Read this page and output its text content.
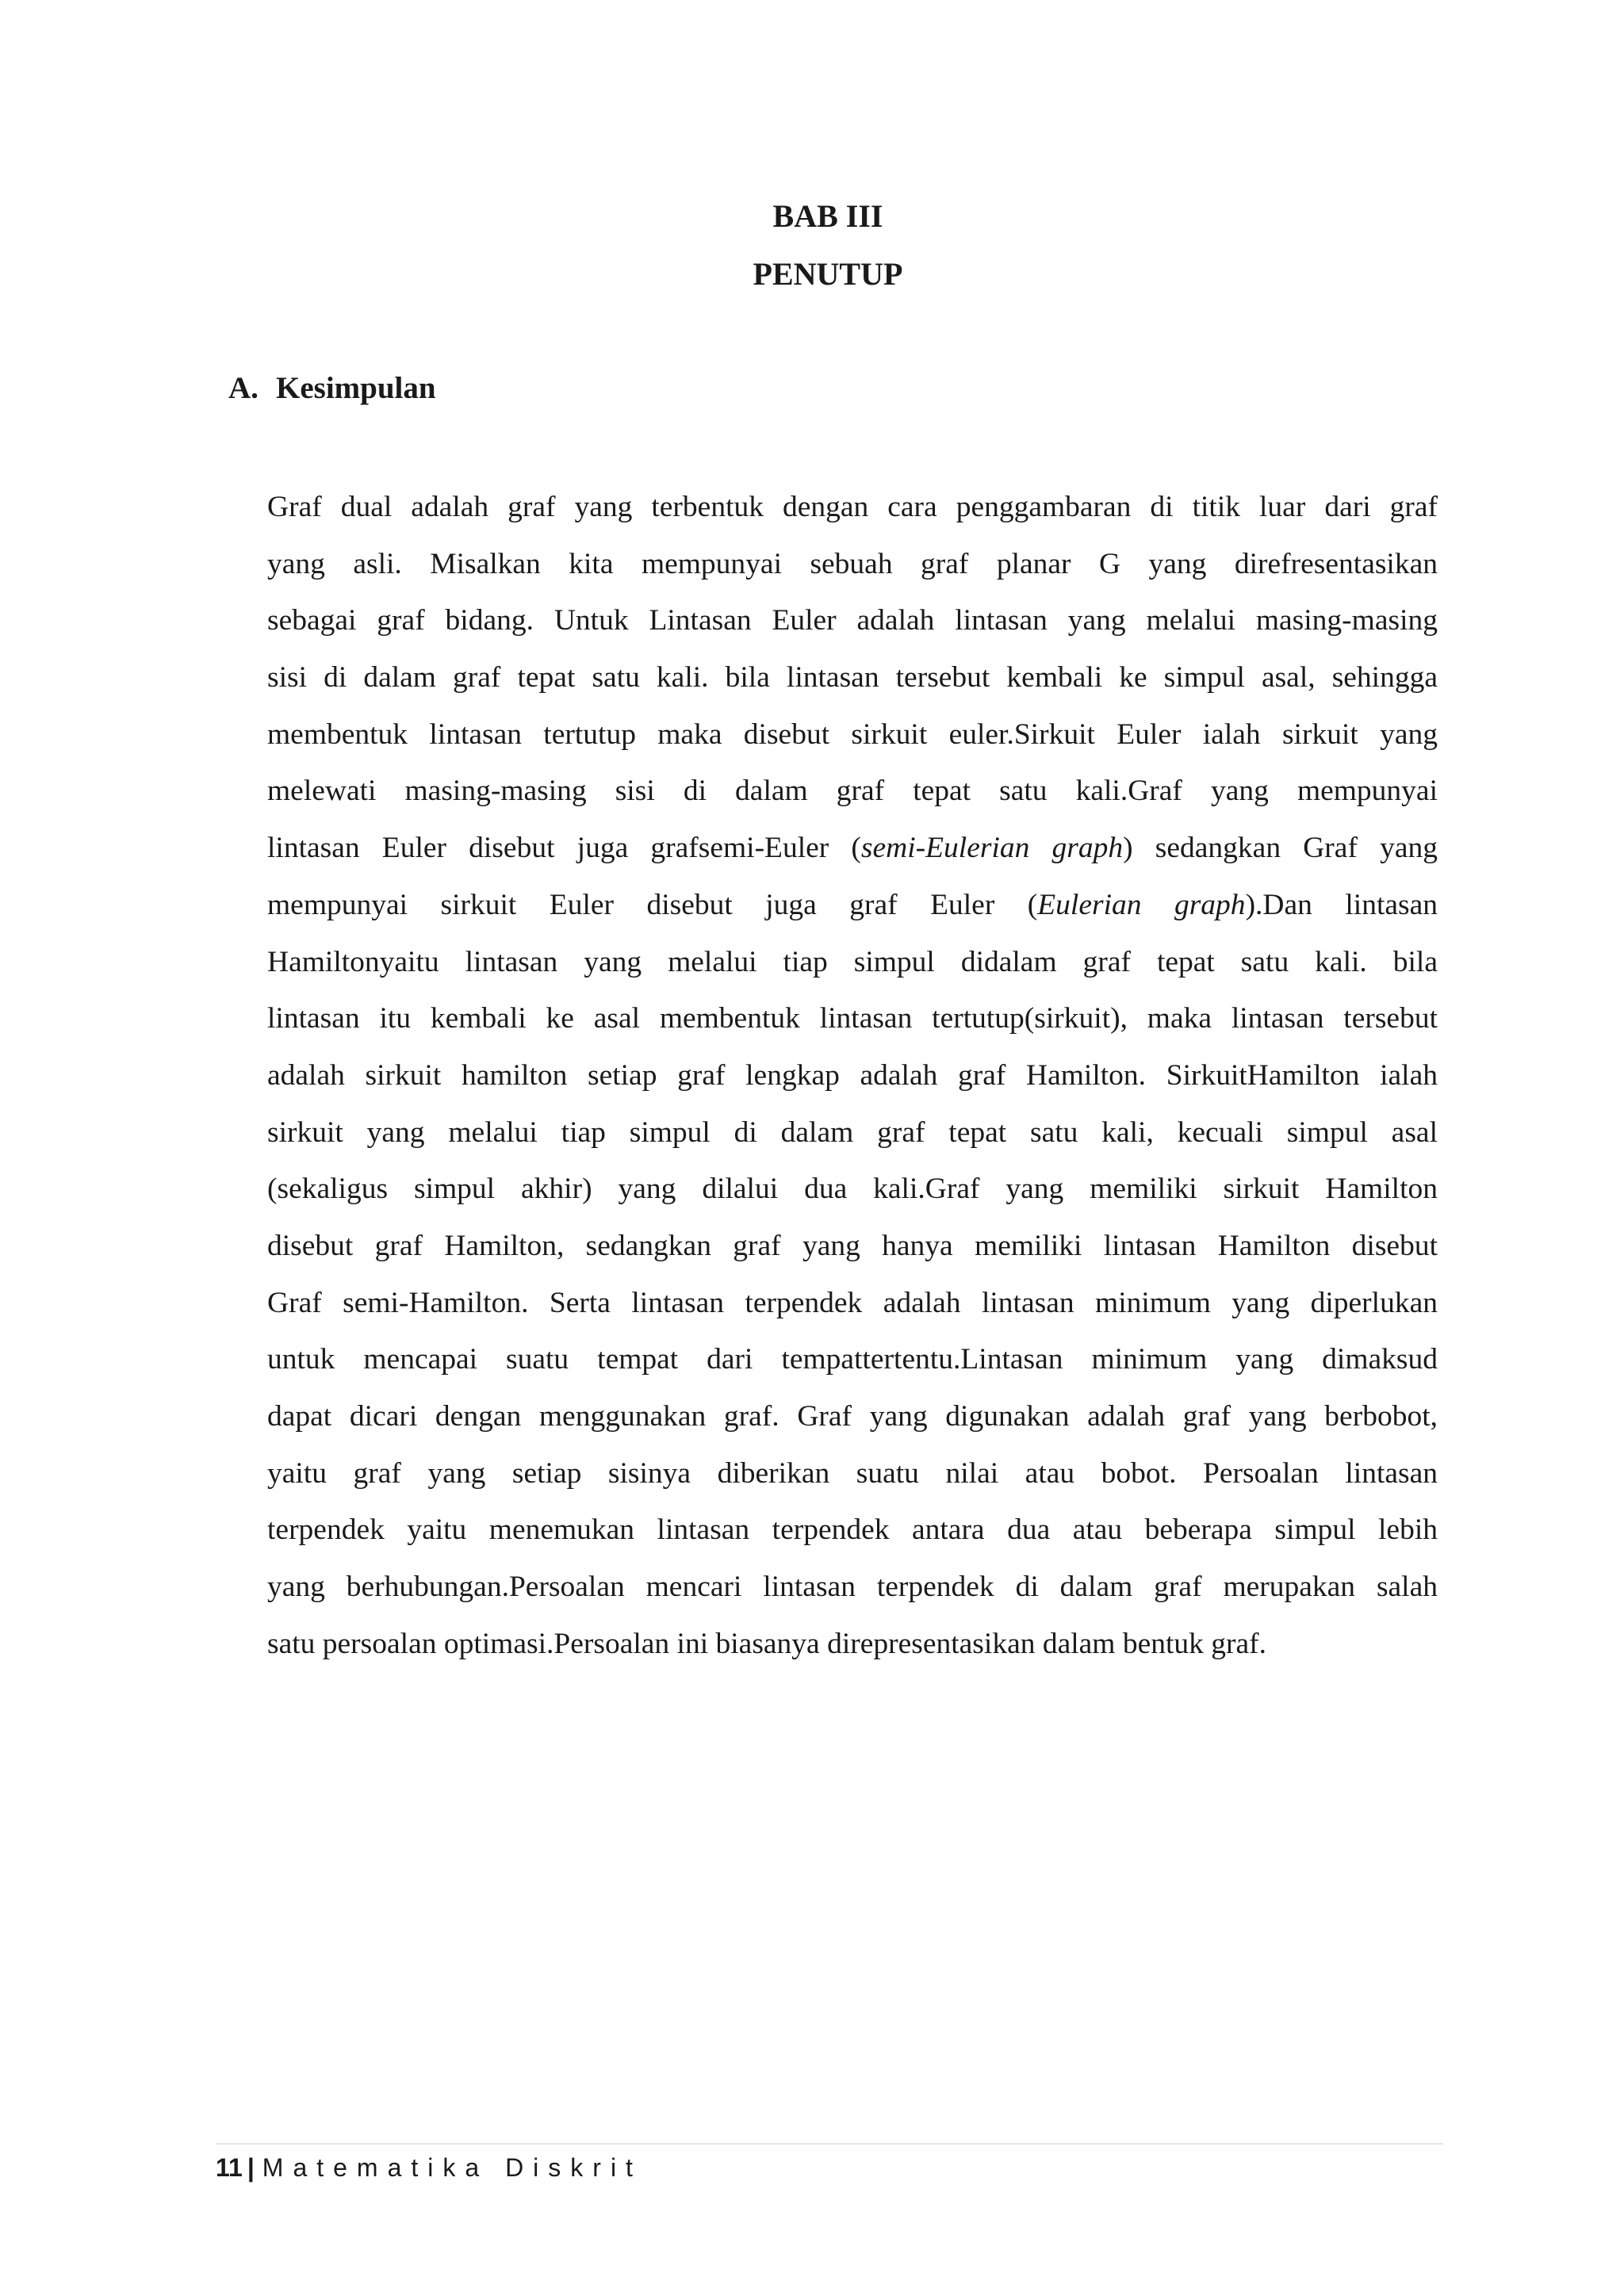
BAB III
PENUTUP
A. Kesimpulan

Graf dual adalah graf yang terbentuk dengan cara penggambaran di titik luar dari graf
yang asli. Misalkan kita mempunyai sebuah graf planar G yang direfresentasikan
sebagai graf bidang. Untuk Lintasan Euler adalah lintasan yang melalui masing-masing
sisi di dalam graf tepat satu kali. bila lintasan tersebut kembali ke simpul asal, sehingga
membentuk lintasan tertutup maka disebut sirkuit euler.Sirkuit Euler ialah sirkuit yang
melewati masing-masing sisi di dalam graf tepat satu kali.Graf yang mempunyai
lintasan Euler disebut juga grafsemi-Euler (semi-Eulerian graph) sedangkan Graf yang
mempunyai sirkuit Euler disebut juga graf Euler (Eulerian graph).Dan lintasan
Hamiltonyaitu lintasan yang melalui tiap simpul didalam graf tepat satu kali. bila
lintasan itu kembali ke asal membentuk lintasan tertutup(sirkuit), maka lintasan tersebut
adalah sirkuit hamilton setiap graf lengkap adalah graf Hamilton. SirkuitHamilton ialah
sirkuit yang melalui tiap simpul di dalam graf tepat satu kali, kecuali simpul asal
(sekaligus simpul akhir) yang dilalui dua kali.Graf yang memiliki sirkuit Hamilton
disebut graf Hamilton, sedangkan graf yang hanya memiliki lintasan Hamilton disebut
Graf semi-Hamilton. Serta lintasan terpendek adalah lintasan minimum yang diperlukan
untuk mencapai suatu tempat dari tempattertentu.Lintasan minimum yang dimaksud
dapat dicari dengan menggunakan graf. Graf yang digunakan adalah graf yang berbobot,
yaitu graf yang setiap sisinya diberikan suatu nilai atau bobot. Persoalan lintasan
terpendek yaitu menemukan lintasan terpendek antara dua atau beberapa simpul lebih
yang berhubungan.Persoalan mencari lintasan terpendek di dalam graf merupakan salah
satu persoalan optimasi.Persoalan ini biasanya direpresentasikan dalam bentuk graf.

11 | Matematika Diskrit
